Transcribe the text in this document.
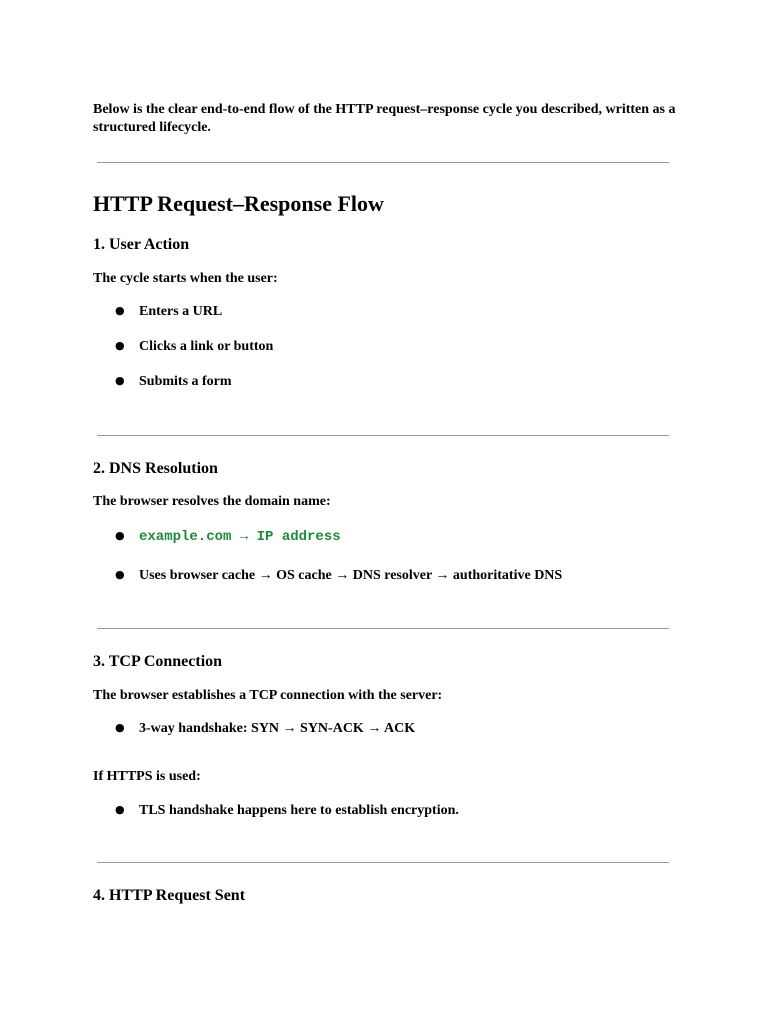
Below is the clear end-to-end flow of the HTTP request–response cycle you described, written as a structured lifecycle.
HTTP Request–Response Flow
1. User Action
The cycle starts when the user:
● Enters a URL
● Clicks a link or button
● Submits a form
2. DNS Resolution
The browser resolves the domain name:
● example.com → IP address
● Uses browser cache → OS cache → DNS resolver → authoritative DNS
3. TCP Connection
The browser establishes a TCP connection with the server:
● 3-way handshake: SYN → SYN-ACK → ACK
If HTTPS is used:
● TLS handshake happens here to establish encryption.
4. HTTP Request Sent
